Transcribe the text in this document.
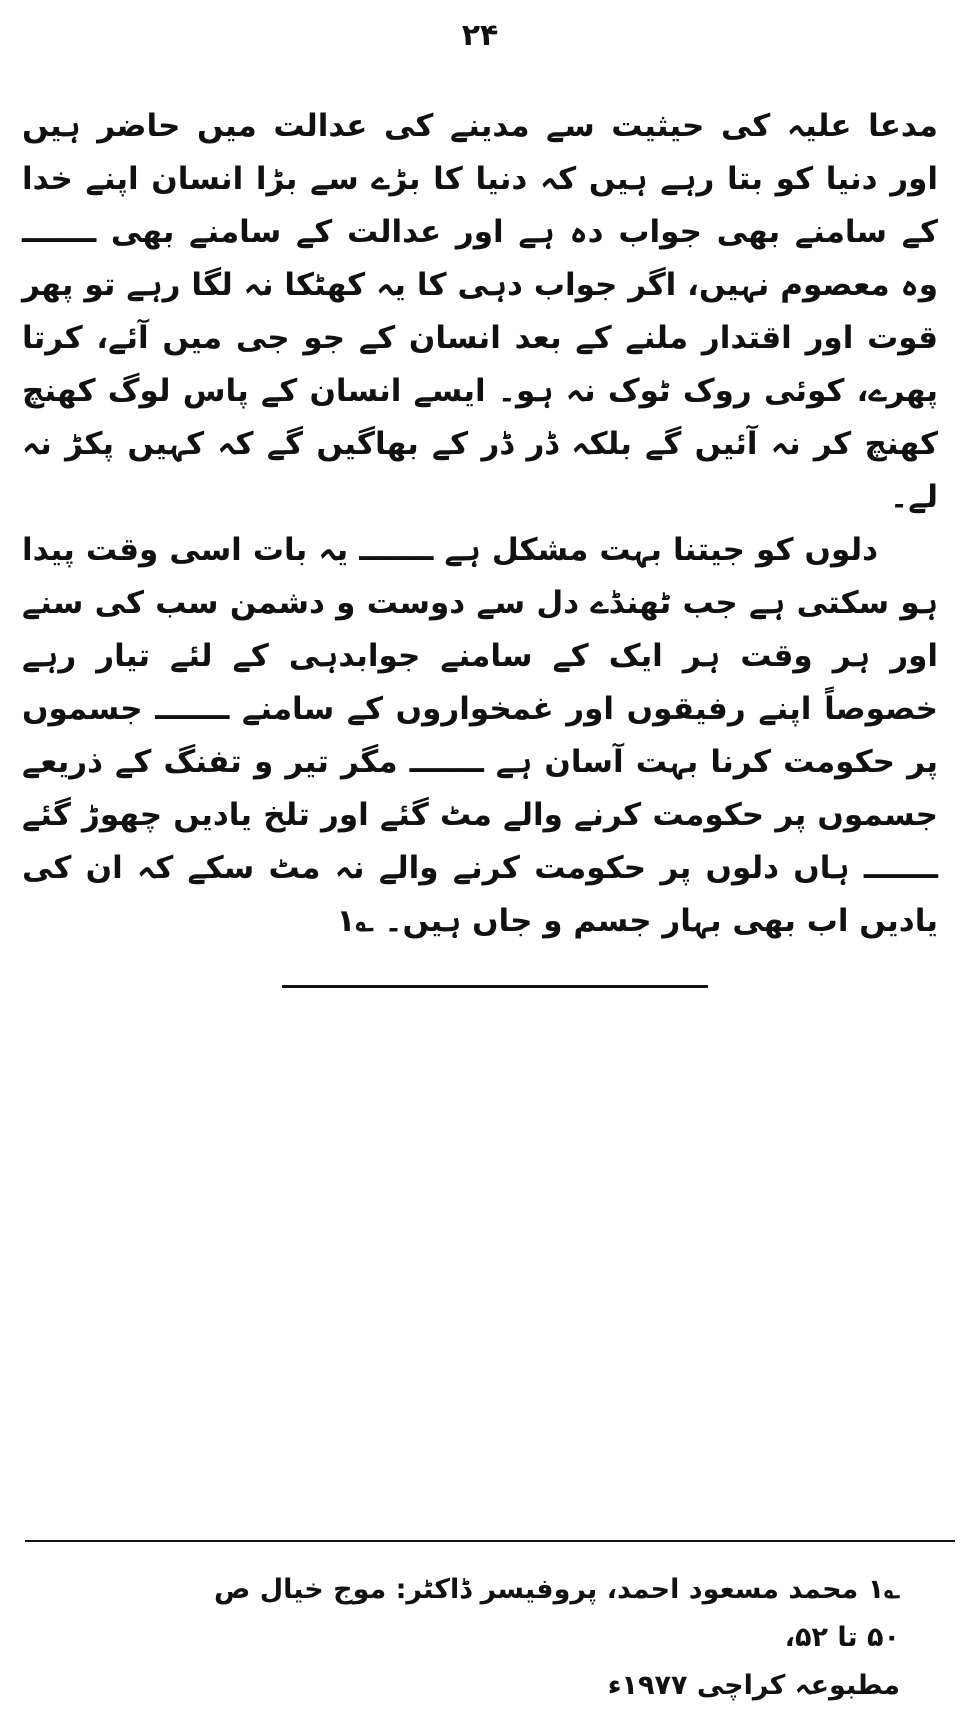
۲۴

مدعا علیہ کی حیثیت سے مدینے کی عدالت میں حاضر ہیں اور دنیا کو بتا رہے ہیں کہ دنیا کا بڑے سے بڑا انسان اپنے خدا کے سامنے بھی جواب دہ ہے اور عدالت کے سامنے بھی ـــــــ وہ معصوم نہیں، اگر جواب دہی کا یہ کھٹکا نہ لگا رہے تو پھر قوت اور اقتدار ملنے کے بعد انسان کے جو جی میں آئے، کرتا پھرے، کوئی روک ٹوک نہ ہو۔ ایسے انسان کے پاس لوگ کھنچ کھنچ کر نہ آئیں گے بلکہ ڈر ڈر کے بھاگیں گے کہ کہیں پکڑ نہ لے۔

دلوں کو جیتنا بہت مشکل ہے ـــــــ یہ بات اسی وقت پیدا ہو سکتی ہے جب ٹھنڈے دل سے دوست و دشمن سب کی سنے اور ہر وقت ہر ایک کے سامنے جوابدہی کے لئے تیار رہے خصوصاً اپنے رفیقوں اور غمخواروں کے سامنے ـــــــ جسموں پر حکومت کرنا بہت آسان ہے ـــــــ مگر تیر و تفنگ کے ذریعے جسموں پر حکومت کرنے والے مٹ گئے اور تلخ یادیں چھوڑ گئے ـــــــ ہاں دلوں پر حکومت کرنے والے نہ مٹ سکے کہ ان کی یادیں اب بھی بہار جسم و جاں ہیں۔ ؎۱

؎۱ محمد مسعود احمد، پروفیسر ڈاکٹر: موج خیال ص ۵۰ تا ۵۲،

مطبوعہ کراچی ۱۹۷۷ء
